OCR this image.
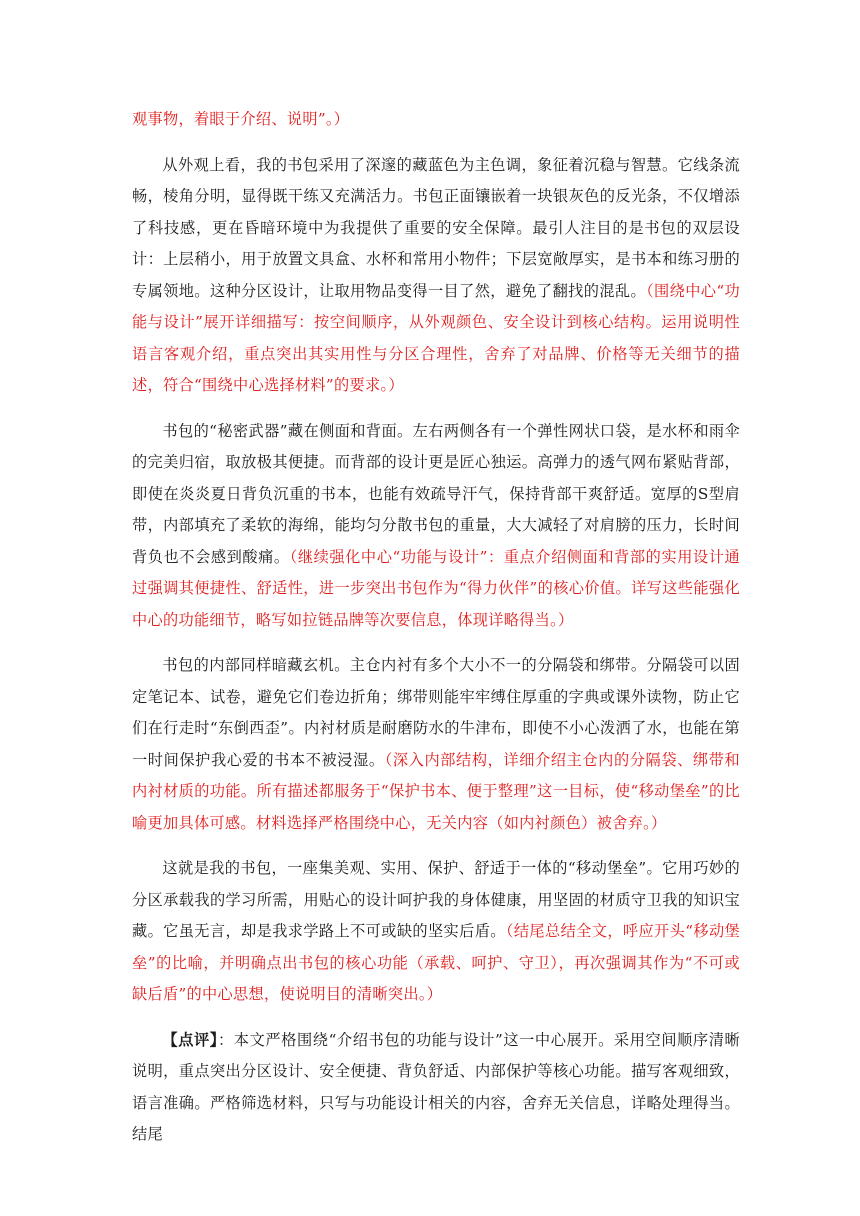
观事物，着眼于介绍、说明”。）

从外观上看，我的书包采用了深邃的藏蓝色为主色调，象征着沉稳与智慧。它线条流畅，棱角分明，显得既干练又充满活力。书包正面镶嵌着一块银灰色的反光条，不仅增添了科技感，更在昏暗环境中为我提供了重要的安全保障。最引人注目的是书包的双层设计：上层稍小，用于放置文具盒、水杯和常用小物件；下层宽敞厚实，是书本和练习册的专属领地。这种分区设计，让取用物品变得一目了然，避免了翻找的混乱。（围绕中心“功能与设计”展开详细描写：按空间顺序，从外观颜色、安全设计到核心结构。运用说明性语言客观介绍，重点突出其实用性与分区合理性，舍弃了对品牌、价格等无关细节的描述，符合“围绕中心选择材料”的要求。）

书包的“秘密武器”藏在侧面和背面。左右两侧各有一个弹性网状口袋，是水杯和雨伞的完美归宿，取放极其便捷。而背部的设计更是匠心独运。高弹力的透气网布紧贴背部，即使在炎炎夏日背负沉重的书本，也能有效疏导汗气，保持背部干爽舒适。宽厚的S型肩带，内部填充了柔软的海绵，能均匀分散书包的重量，大大减轻了对肩膀的压力，长时间背负也不会感到酸痛。（继续强化中心“功能与设计”：重点介绍侧面和背部的实用设计通过强调其便捷性、舒适性，进一步突出书包作为“得力伙伴”的核心价值。详写这些能强化中心的功能细节，略写如拉链品牌等次要信息，体现详略得当。）

书包的内部同样暗藏玄机。主仓内衬有多个大小不一的分隔袋和绑带。分隔袋可以固定笔记本、试卷，避免它们卷边折角；绑带则能牢牢缚住厚重的字典或课外读物，防止它们在行走时“东倒西歪”。内衬材质是耐磨防水的牛津布，即使不小心泼洒了水，也能在第一时间保护我心爱的书本不被浸湿。（深入内部结构，详细介绍主仓内的分隔袋、绑带和内衬材质的功能。所有描述都服务于“保护书本、便于整理”这一目标，使“移动堡垒”的比喻更加具体可感。材料选择严格围绕中心，无关内容（如内衬颜色）被舍弃。）

这就是我的书包，一座集美观、实用、保护、舒适于一体的“移动堡垒”。它用巧妙的分区承载我的学习所需，用贴心的设计呵护我的身体健康，用坚固的材质守卫我的知识宝藏。它虽无言，却是我求学路上不可或缺的坚实后盾。（结尾总结全文，呼应开头“移动堡垒”的比喻，并明确点出书包的核心功能（承载、呵护、守卫），再次强调其作为“不可或缺后盾”的中心思想，使说明目的清晰突出。）

【点评】：本文严格围绕“介绍书包的功能与设计”这一中心展开。采用空间顺序清晰说明，重点突出分区设计、安全便捷、背负舒适、内部保护等核心功能。描写客观细致，语言准确。严格筛选材料，只写与功能设计相关的内容，舍弃无关信息，详略处理得当。结尾
